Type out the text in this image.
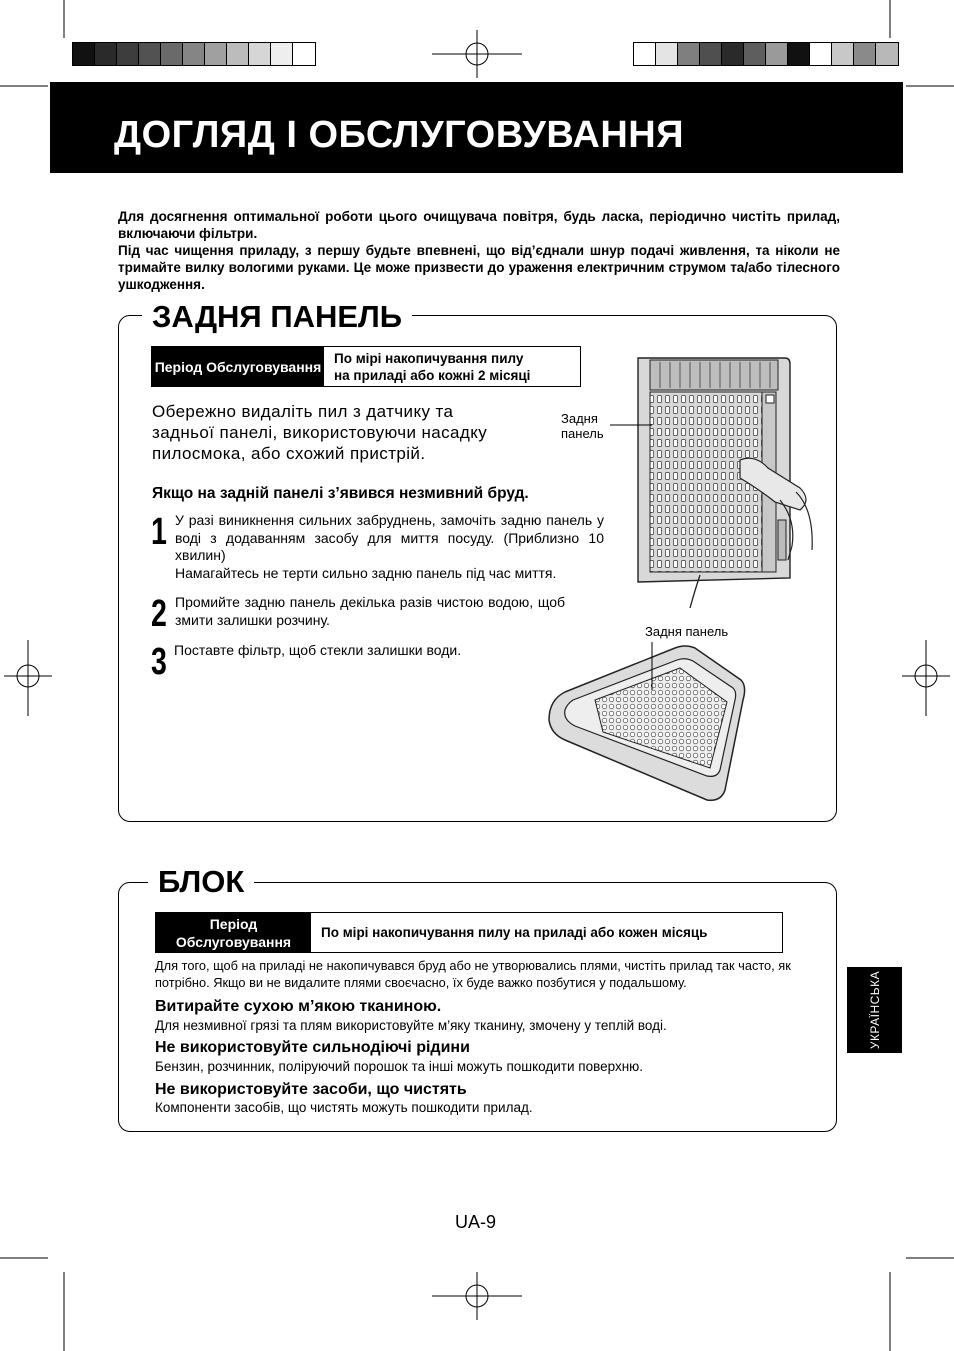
ДОГЛЯД І ОБСЛУГОВУВАННЯ

Для досягнення оптимальної роботи цього очищувача повітря, будь ласка, періодично чистіть прилад, включаючи фільтри.

Під час чищення приладу, з першу будьте впевнені, що від’єднали шнур подачі живлення, та ніколи не тримайте вилку вологими руками. Це може призвести до ураження електричним струмом та/або тілесного ушкодження.

ЗАДНЯ ПАНЕЛЬ
Період Обслуговування
По мірі накопичування пилу
на приладі або кожні 2 місяці
Обережно видаліть пил з датчику та задньої панелі, використовуючи насадку пилосмока, або схожий пристрій.
Якщо на задній панелі з’явився незмивний бруд.
1 У разі виникнення сильних забруднень, замочіть задню панель у воді з додаванням засобу для миття посуду. (Приблизно 10 хвилин)
Намагайтесь не терти сильно задню панель під час миття.
2 Промийте задню панель декілька разів чистою водою, щоб змити залишки розчину.
3 Поставте фільтр, щоб стекли залишки води.
Задня
панель
Задня панель
БЛОК
Період Обслуговування
По мірі накопичування пилу на приладі або кожен місяць
Для того, щоб на приладі не накопичувався бруд або не утворювались плями, чистіть прилад так часто, як потрібно. Якщо ви не видалите плями своєчасно, їх буде важко позбутися у подальшому.
Витирайте сухою м’якою тканиною.
Для незмивної грязі та плям використовуйте м’яку тканину, змочену у теплій воді.
Не використовуйте сильнодіючі рідини
Бензин, розчинник, поліруючий порошок та інші можуть пошкодити поверхню.
Не використовуйте засоби, що чистять
Компоненти засобів, що чистять можуть пошкодити прилад.
УКРАЇНСЬКА
UA-9
